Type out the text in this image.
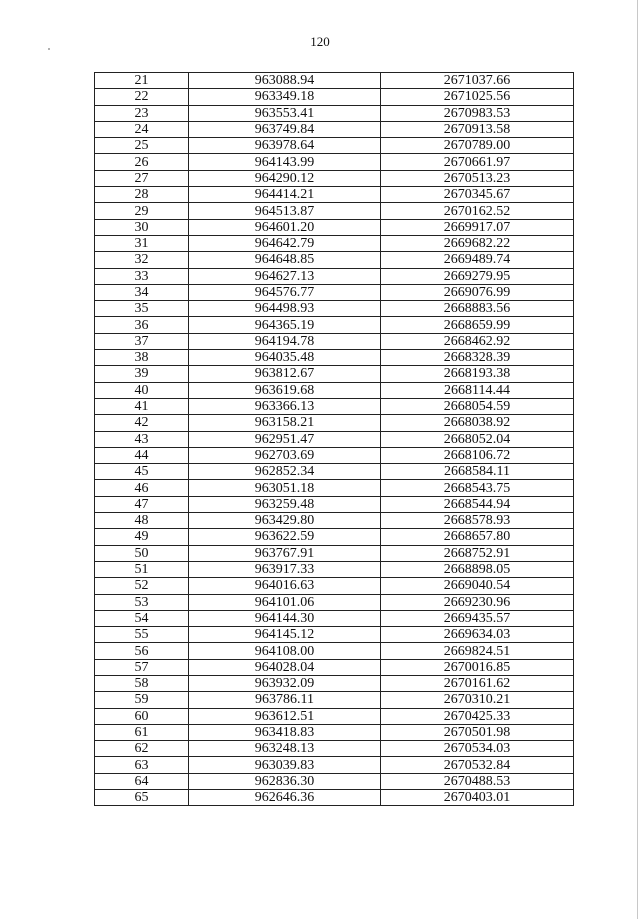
120
21	963088.94	2671037.66
22	963349.18	2671025.56
23	963553.41	2670983.53
24	963749.84	2670913.58
25	963978.64	2670789.00
26	964143.99	2670661.97
27	964290.12	2670513.23
28	964414.21	2670345.67
29	964513.87	2670162.52
30	964601.20	2669917.07
31	964642.79	2669682.22
32	964648.85	2669489.74
33	964627.13	2669279.95
34	964576.77	2669076.99
35	964498.93	2668883.56
36	964365.19	2668659.99
37	964194.78	2668462.92
38	964035.48	2668328.39
39	963812.67	2668193.38
40	963619.68	2668114.44
41	963366.13	2668054.59
42	963158.21	2668038.92
43	962951.47	2668052.04
44	962703.69	2668106.72
45	962852.34	2668584.11
46	963051.18	2668543.75
47	963259.48	2668544.94
48	963429.80	2668578.93
49	963622.59	2668657.80
50	963767.91	2668752.91
51	963917.33	2668898.05
52	964016.63	2669040.54
53	964101.06	2669230.96
54	964144.30	2669435.57
55	964145.12	2669634.03
56	964108.00	2669824.51
57	964028.04	2670016.85
58	963932.09	2670161.62
59	963786.11	2670310.21
60	963612.51	2670425.33
61	963418.83	2670501.98
62	963248.13	2670534.03
63	963039.83	2670532.84
64	962836.30	2670488.53
65	962646.36	2670403.01
